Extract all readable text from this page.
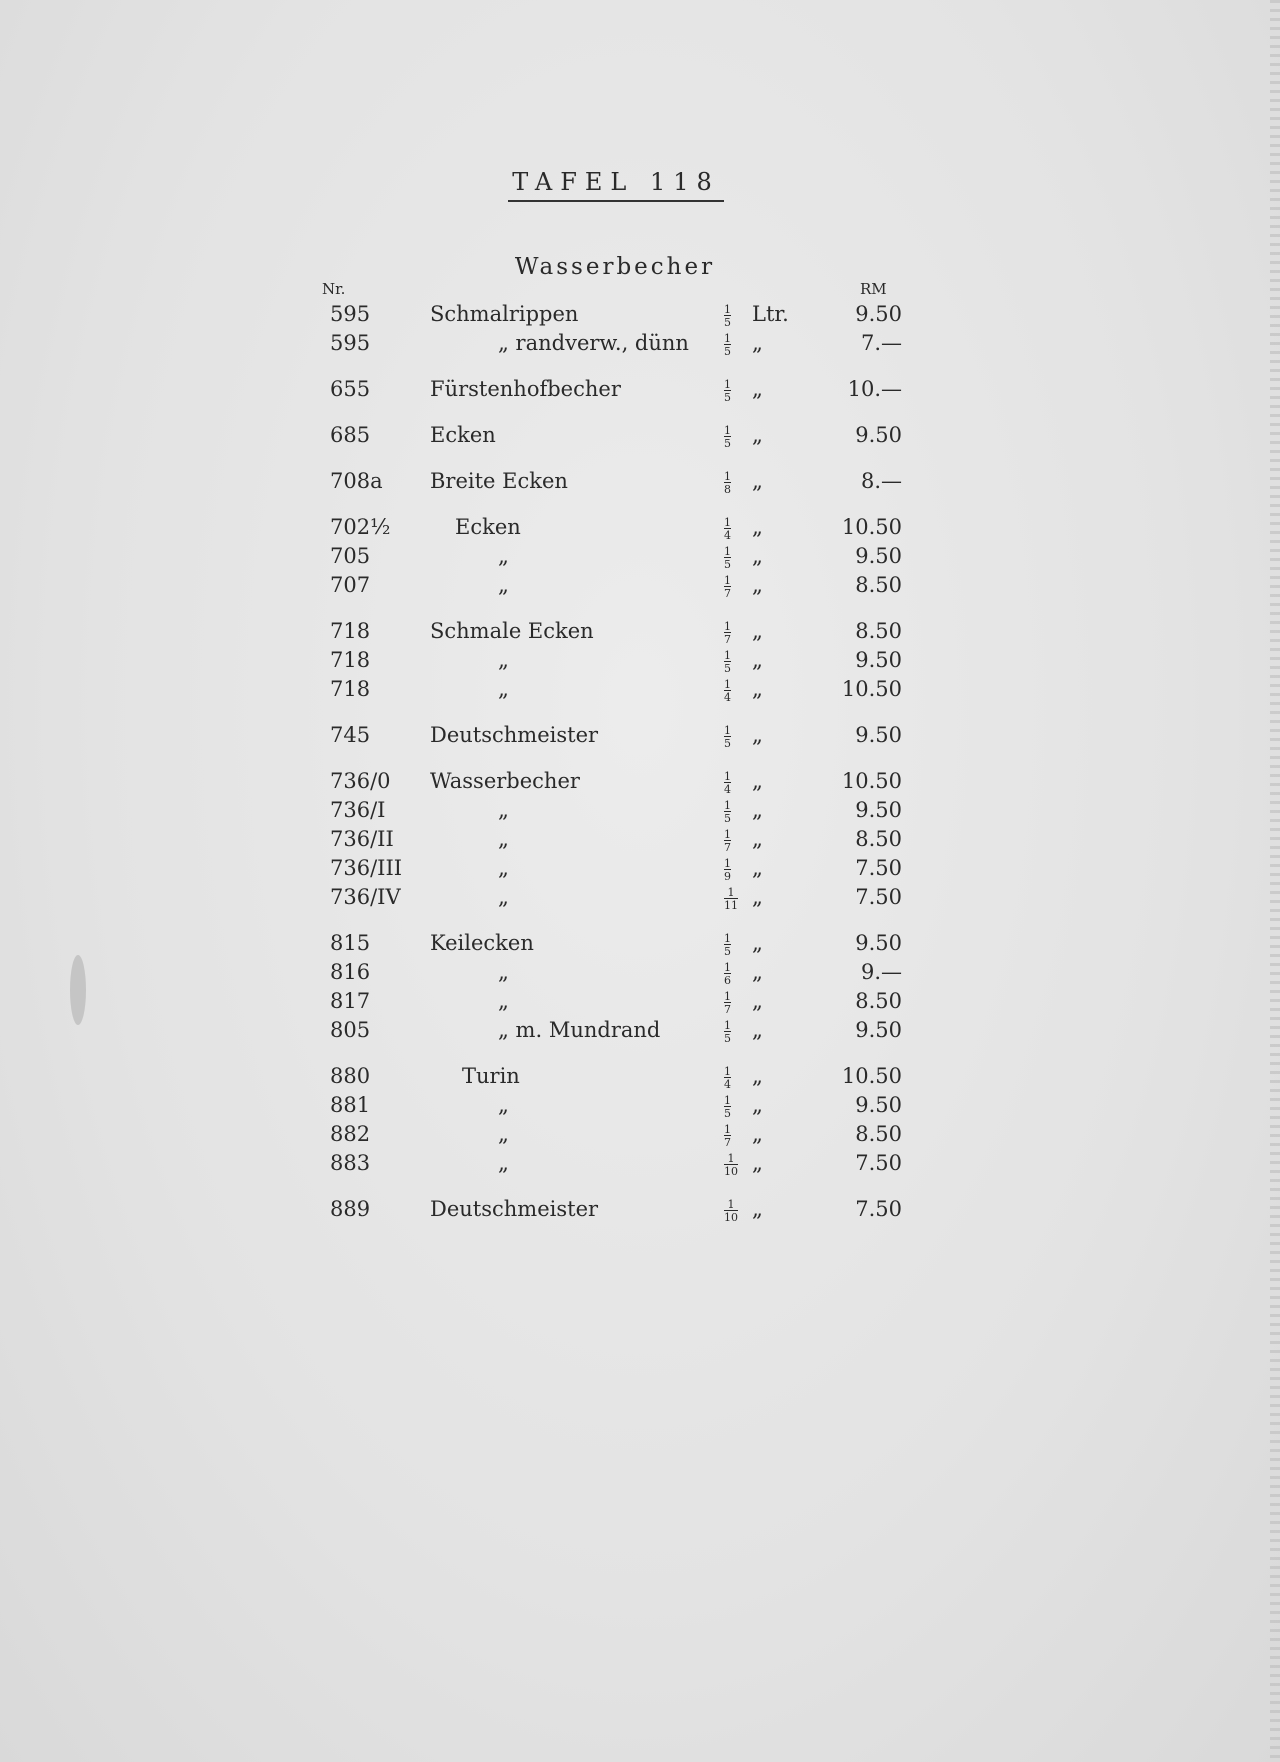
TAFEL 118
Wasserbecher
Nr.	RM
595	Schmalrippen	$\frac{1}{5}$ Ltr.	9.50
595	„ randverw., dünn	$\frac{1}{5}$ „	7.—
655	Fürstenhofbecher	$\frac{1}{5}$ „	10.—
685	Ecken	$\frac{1}{5}$ „	9.50
708a Breite Ecken	$\frac{1}{8}$ „	8.—
702½	Ecken	$\frac{1}{4}$ „	10.50
705	„	$\frac{1}{5}$ „	9.50
707	„	$\frac{1}{7}$ „	8.50
718	Schmale Ecken	$\frac{1}{7}$ „	8.50
718	„	$\frac{1}{5}$ „	9.50
718	„	$\frac{1}{4}$ „	10.50
745	Deutschmeister	$\frac{1}{5}$ „	9.50
736/0 Wasserbecher	$\frac{1}{4}$ „	10.50
736/I	„	$\frac{1}{5}$ „	9.50
736/II	„	$\frac{1}{7}$ „	8.50
736/III	„	$\frac{1}{9}$ „	7.50
736/IV	„	$\frac{1}{11}$ „	7.50
815	Keilecken	$\frac{1}{5}$ „	9.50
816	„	$\frac{1}{6}$ „	9.—
817	„	$\frac{1}{7}$ „	8.50
805	„ m. Mundrand	$\frac{1}{5}$ „	9.50
880	Turin	$\frac{1}{4}$ „	10.50
881	„	$\frac{1}{5}$ „	9.50
882	„	$\frac{1}{7}$ „	8.50
883	„	$\frac{1}{10}$ „	7.50
889	Deutschmeister	$\frac{1}{10}$ „	7.50
